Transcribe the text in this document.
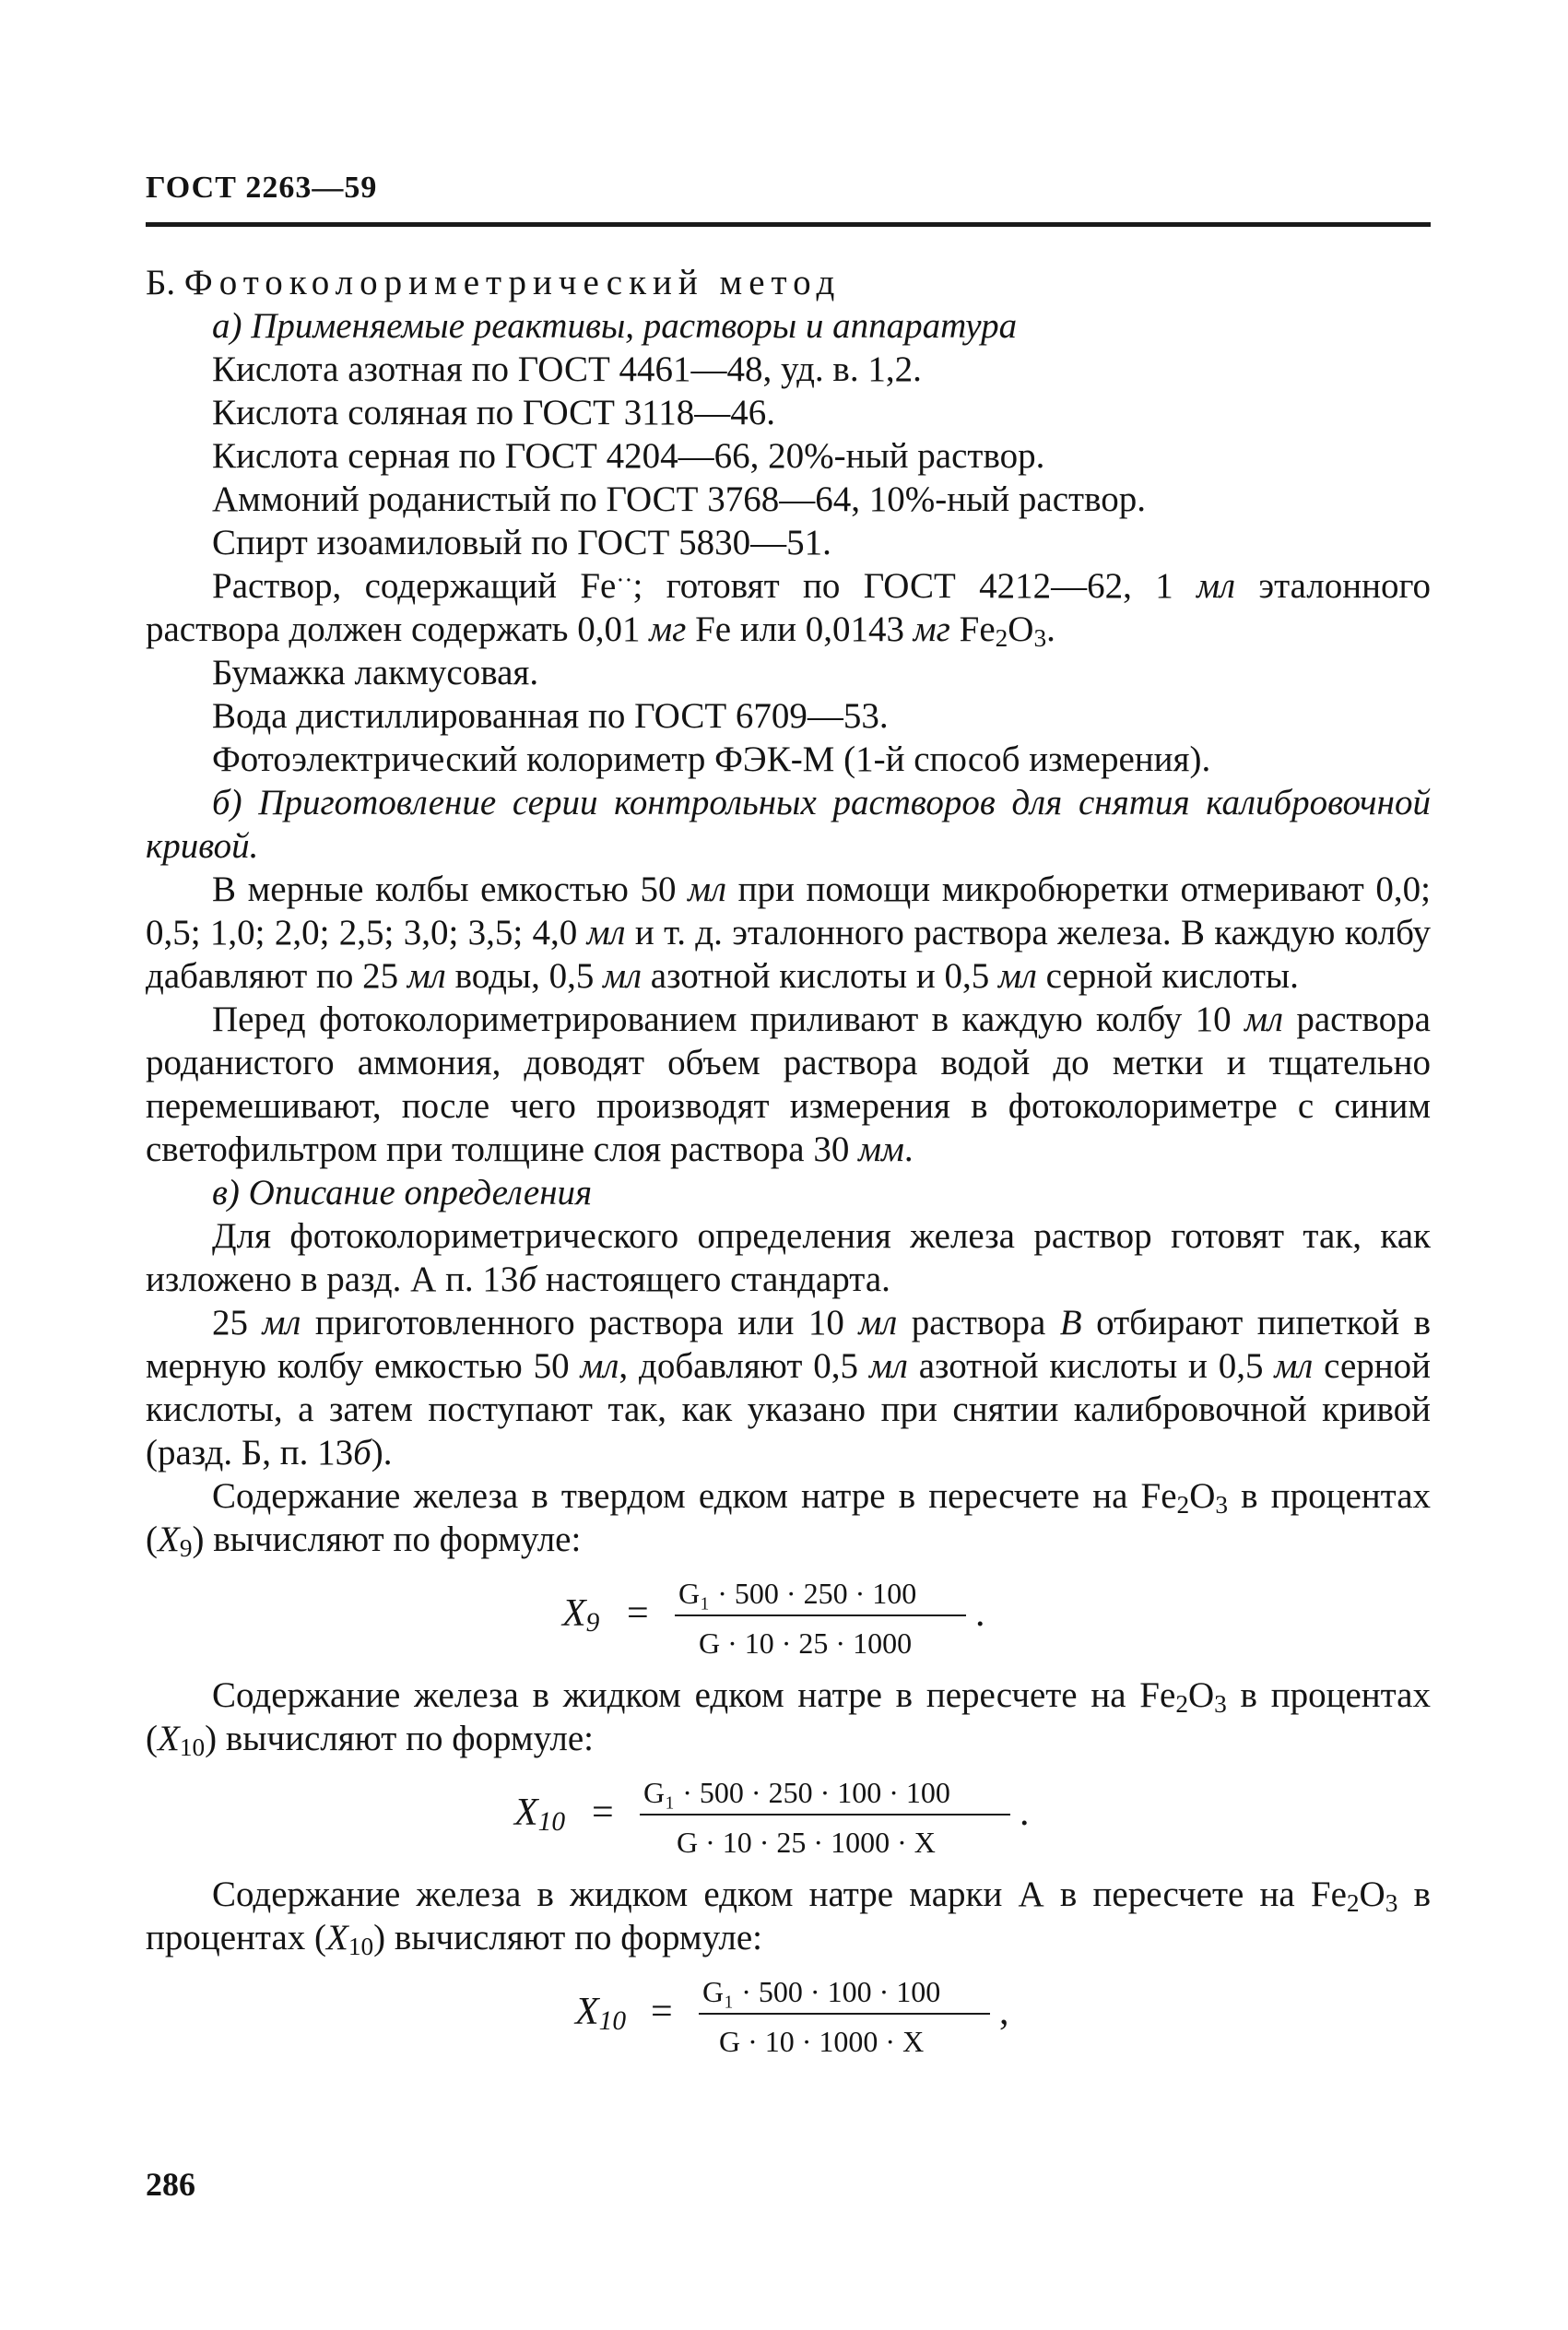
ГОСТ 2263—59

Б. Фотоколориметрический метод

а) Применяемые реактивы, растворы и аппаратура

Кислота азотная по ГОСТ 4461—48, уд. в. 1,2.

Кислота соляная по ГОСТ 3118—46.

Кислота серная по ГОСТ 4204—66, 20%-ный раствор.

Аммоний роданистый по ГОСТ 3768—64, 10%-ный раствор.

Спирт изоамиловый по ГОСТ 5830—51.

Раствор, содержащий Fe··; готовят по ГОСТ 4212—62, 1 мл эталонного раствора должен содержать 0,01 мг Fe или 0,0143 мг $Fe_2O_3$.

Бумажка лакмусовая.

Вода дистиллированная по ГОСТ 6709—53.

Фотоэлектрический колориметр ФЭК-М (1-й способ измерения).

б) Приготовление серии контрольных растворов для снятия калибровочной кривой.

В мерные колбы емкостью 50 мл при помощи микробюретки отмеривают 0,0; 0,5; 1,0; 2,0; 2,5; 3,0; 3,5; 4,0 мл и т. д. эталонного раствора железа. В каждую колбу дабавляют по 25 мл воды, 0,5 мл азотной кислоты и 0,5 мл серной кислоты.

Перед фотоколориметрированием приливают в каждую колбу 10 мл раствора роданистого аммония, доводят объем раствора водой до метки и тщательно перемешивают, после чего производят измерения в фотоколориметре с синим светофильтром при толщине слоя раствора 30 мм.

в) Описание определения

Для фотоколориметрического определения железа раствор готовят так, как изложено в разд. А п. 13б настоящего стандарта.

25 мл приготовленного раствора или 10 мл раствора В отбирают пипеткой в мерную колбу емкостью 50 мл, добавляют 0,5 мл азотной кислоты и 0,5 мл серной кислоты, а затем поступают так, как указано при снятии калибровочной кривой (разд. Б, п. 13б).

Содержание железа в твердом едком натре в пересчете на $Fe_2O_3$ в процентах $(X_9)$ вычисляют по формуле:

$X_9 = G_1 \cdot 500 \cdot 250 \cdot 100$
G · 10 · 25 · 1000
.

Содержание железа в жидком едком натре в пересчете на $Fe_2O_3$ в процентах $(X_{10})$ вычисляют по формуле:

$X_{10} = G_1 \cdot 500 \cdot 250 \cdot 100 \cdot 100$
G · 10 · 25 · 1000 · X
.

Содержание железа в жидком едком натре марки А в пересчете на $Fe_2O_3$ в процентах $(X_{10})$ вычисляют по формуле:

$X_{10} = G_1 \cdot 500 \cdot 100 \cdot 100$
G · 10 · 1000 · X
,
286
